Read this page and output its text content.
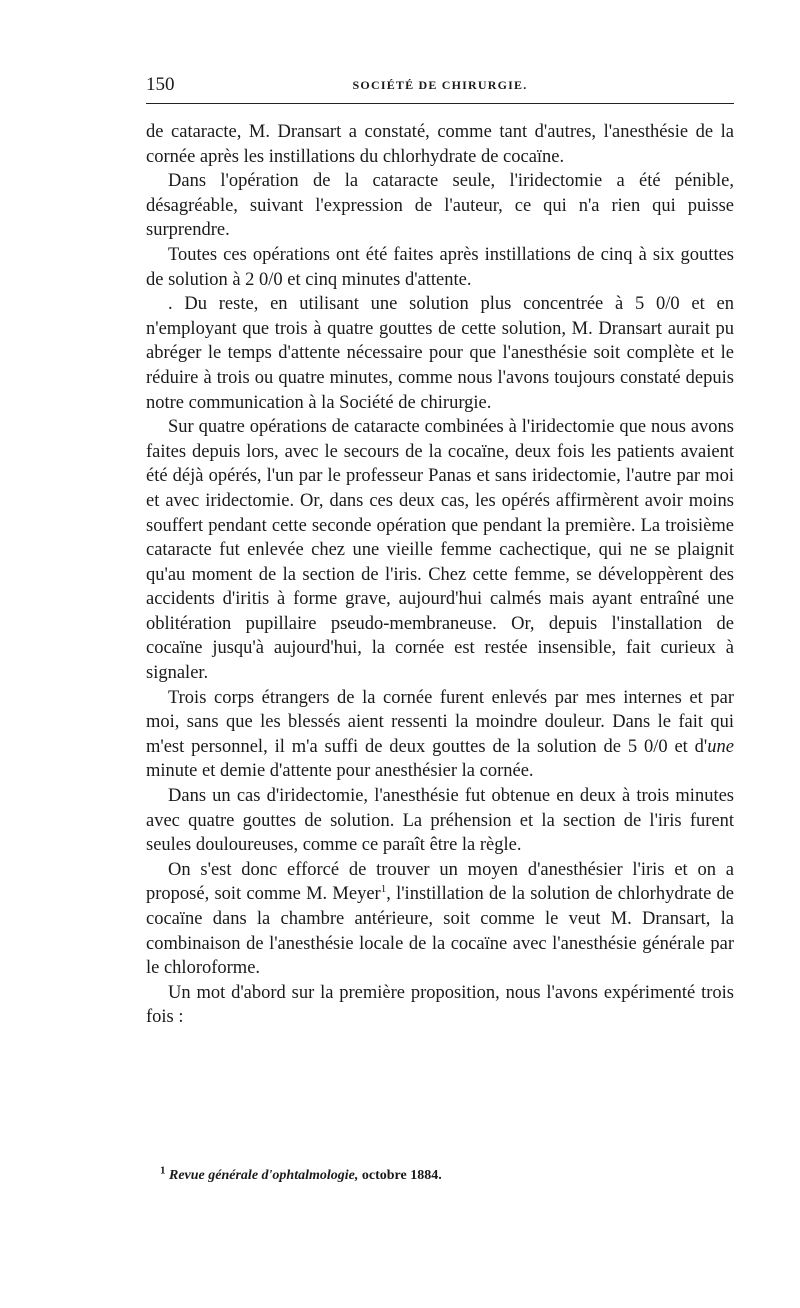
150	SOCIÉTÉ DE CHIRURGIE.

de cataracte, M. Dransart a constaté, comme tant d'autres, l'anesthésie de la cornée après les instillations du chlorhydrate de cocaïne.

Dans l'opération de la cataracte seule, l'iridectomie a été pénible, désagréable, suivant l'expression de l'auteur, ce qui n'a rien qui puisse surprendre.

Toutes ces opérations ont été faites après instillations de cinq à six gouttes de solution à 2 0/0 et cinq minutes d'attente.

. Du reste, en utilisant une solution plus concentrée à 5 0/0 et en n'employant que trois à quatre gouttes de cette solution, M. Dransart aurait pu abréger le temps d'attente nécessaire pour que l'anesthésie soit complète et le réduire à trois ou quatre minutes, comme nous l'avons toujours constaté depuis notre communication à la Société de chirurgie.

Sur quatre opérations de cataracte combinées à l'iridectomie que nous avons faites depuis lors, avec le secours de la cocaïne, deux fois les patients avaient été déjà opérés, l'un par le professeur Panas et sans iridectomie, l'autre par moi et avec iridectomie. Or, dans ces deux cas, les opérés affirmèrent avoir moins souffert pendant cette seconde opération que pendant la première. La troisième cataracte fut enlevée chez une vieille femme cachectique, qui ne se plaignit qu'au moment de la section de l'iris. Chez cette femme, se développèrent des accidents d'iritis à forme grave, aujourd'hui calmés mais ayant entraîné une oblitération pupillaire pseudo-membraneuse. Or, depuis l'installation de cocaïne jusqu'à aujourd'hui, la cornée est restée insensible, fait curieux à signaler.

Trois corps étrangers de la cornée furent enlevés par mes internes et par moi, sans que les blessés aient ressenti la moindre douleur. Dans le fait qui m'est personnel, il m'a suffi de deux gouttes de la solution de 5 0/0 et d'une minute et demie d'attente pour anesthésier la cornée.

Dans un cas d'iridectomie, l'anesthésie fut obtenue en deux à trois minutes avec quatre gouttes de solution. La préhension et la section de l'iris furent seules douloureuses, comme ce paraît être la règle.

On s'est donc efforcé de trouver un moyen d'anesthésier l'iris et on a proposé, soit comme M. Meyer$^1$, l'instillation de la solution de chlorhydrate de cocaïne dans la chambre antérieure, soit comme le veut M. Dransart, la combinaison de l'anesthésie locale de la cocaïne avec l'anesthésie générale par le chloroforme.

Un mot d'abord sur la première proposition, nous l'avons expérimenté trois fois :

$^1$ Revue générale d'ophtalmologie, octobre 1884.
